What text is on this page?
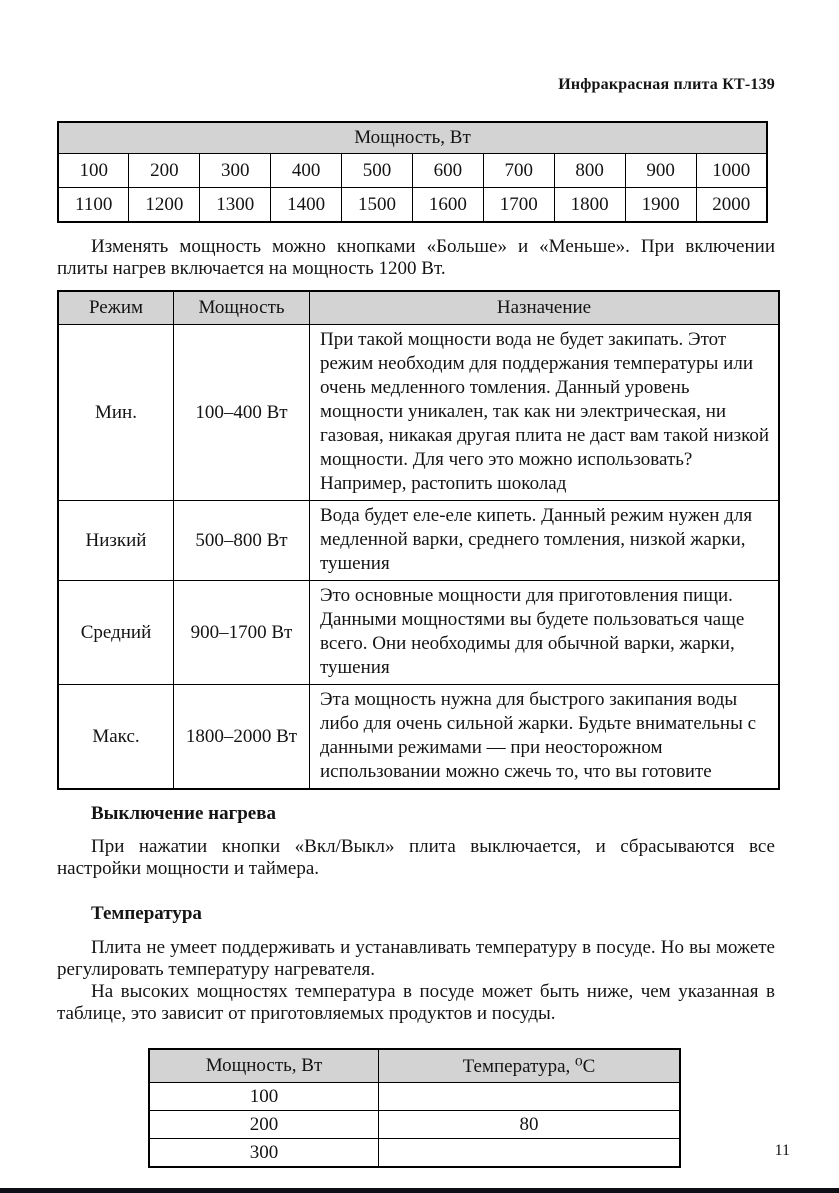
Инфракрасная плита КТ-139
Мощность, Вт									
100	200	300	400	500	600	700	800	900	1000
1100	1200	1300	1400	1500	1600	1700	1800	1900	2000

Изменять мощность можно кнопками «Больше» и «Меньше». При включении плиты нагрев включается на мощность 1200 Вт.

Режим	Мощность	Назначение
Мин.	100–400 Вт	При такой мощности вода не будет закипать. Этот режим необходим для поддержания температуры или очень медленного томления. Данный уровень мощности уникален, так как ни электрическая, ни газовая, никакая другая плита не даст вам такой низкой мощности. Для чего это можно использовать? Например, растопить шоколад
Низкий	500–800 Вт	Вода будет еле-еле кипеть. Данный режим нужен для медленной варки, среднего томления, низкой жарки, тушения
Средний	900–1700 Вт	Это основные мощности для приготовления пищи. Данными мощностями вы будете пользоваться чаще всего. Они необходимы для обычной варки, жарки, тушения
Макс.	1800–2000 Вт	Эта мощность нужна для быстрого закипания воды либо для очень сильной жарки. Будьте внимательны с данными режимами — при неосторожном использовании можно сжечь то, что вы готовите
Выключение нагрева

При нажатии кнопки «Вкл/Выкл» плита выключается, и сбрасываются все настройки мощности и таймера.

Температура

Плита не умеет поддерживать и устанавливать температуру в посуде. Но вы можете регулировать температуру нагревателя.

На высоких мощностях температура в посуде может быть ниже, чем указанная в таблице, это зависит от приготовляемых продуктов и посуды.

Мощность, Вт	Температура, ⁰С
100	
200	80
300		11
